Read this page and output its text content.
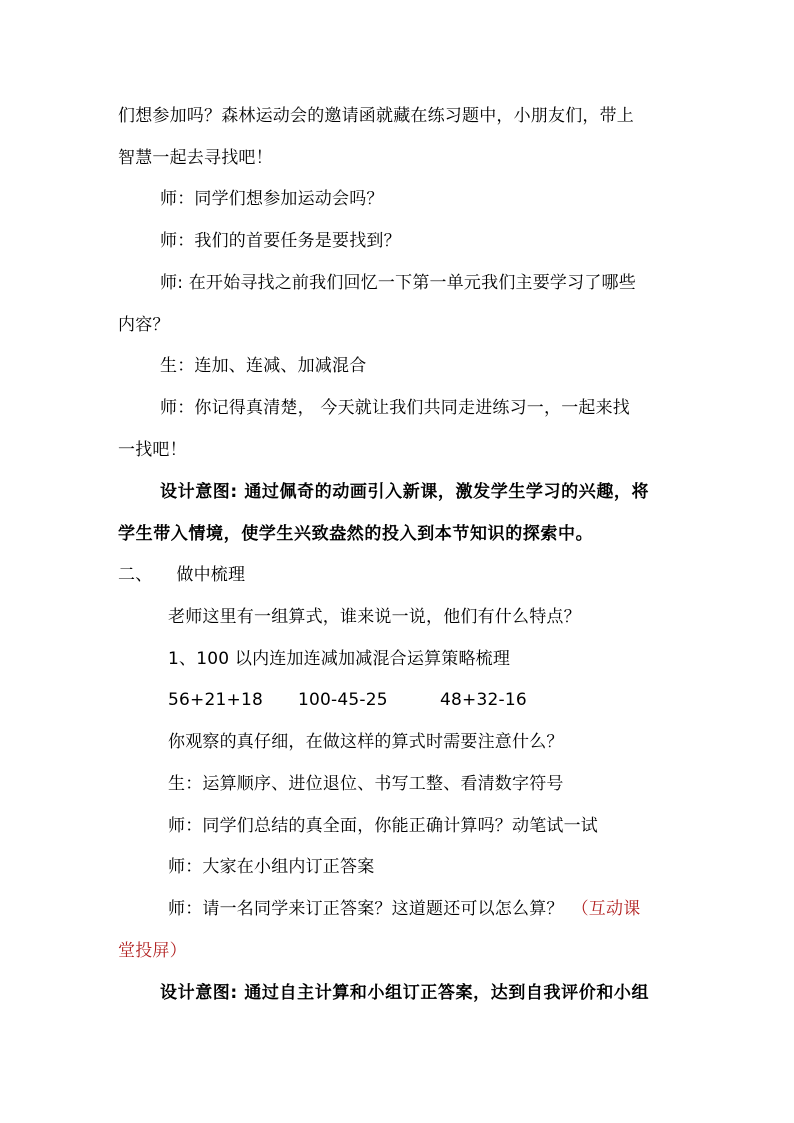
们想参加吗？森林运动会的邀请函就藏在练习题中，小朋友们，带上
智慧一起去寻找吧！
师：同学们想参加运动会吗？
师：我们的首要任务是要找到？
师: 在开始寻找之前我们回忆一下第一单元我们主要学习了哪些
内容？
生：连加、连减、加减混合
师：你记得真清楚， 今天就让我们共同走进练习一，一起来找
一找吧！
设计意图: 通过佩奇的动画引入新课，激发学生学习的兴趣，将
学生带入情境，使学生兴致盎然的投入到本节知识的探索中。
二、 做中梳理
老师这里有一组算式，谁来说一说，他们有什么特点？
1、100 以内连加连减加减混合运算策略梳理
56+21+18 100-45-25	48+32-16
你观察的真仔细，在做这样的算式时需要注意什么？
生：运算顺序、进位退位、书写工整、看清数字符号
师：同学们总结的真全面，你能正确计算吗？动笔试一试
师：大家在小组内订正答案
师：请一名同学来订正答案？这道题还可以怎么算？ （互动课
堂投屏）
设计意图: 通过自主计算和小组订正答案，达到自我评价和小组
